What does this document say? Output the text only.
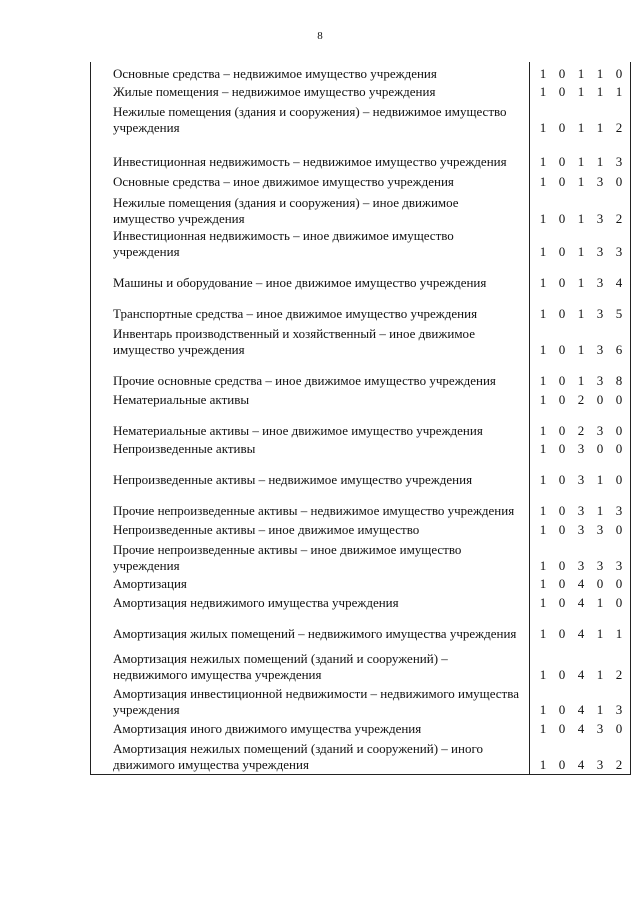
8
Основные средства – недвижимое имущество учреждения	1 0 1 1 0

Жилые помещения – недвижимое имущество учреждения	1 0 1 1 1

Нежилые помещения (здания и сооружения) – недвижимое имущество учреждения	1 0 1 1 2

Инвестиционная недвижимость – недвижимое имущество учреждения	1 0 1 1 3

Основные средства – иное движимое имущество учреждения	1 0 1 3 0

Нежилые помещения (здания и сооружения) – иное движимое имущество учреждения	1 0 1 3 2

Инвестиционная недвижимость – иное движимое имущество учреждения	1 0 1 3 3

Машины и оборудование – иное движимое имущество учреждения	1 0 1 3 4

Транспортные средства – иное движимое имущество учреждения	1 0 1 3 5

Инвентарь производственный и хозяйственный – иное движимое имущество учреждения	1 0 1 3 6

Прочие основные средства – иное движимое имущество учреждения	1 0 1 3 8

Нематериальные активы	1 0 2 0 0

Нематериальные активы – иное движимое имущество учреждения	1 0 2 3 0

Непроизведенные активы	1 0 3 0 0

Непроизведенные активы – недвижимое имущество учреждения	1 0 3 1 0

Прочие непроизведенные активы – недвижимое имущество учреждения	1 0 3 1 3

Непроизведенные активы – иное движимое имущество	1 0 3 3 0

Прочие непроизведенные активы – иное движимое имущество учреждения	1 0 3 3 3

Амортизация	1 0 4 0 0

Амортизация недвижимого имущества учреждения	1 0 4 1 0

Амортизация жилых помещений – недвижимого имущества учреждения	1 0 4 1 1

Амортизация нежилых помещений (зданий и сооружений) – недвижимого имущества учреждения	1 0 4 1 2

Амортизация инвестиционной недвижимости – недвижимого имущества учреждения	1 0 4 1 3

Амортизация иного движимого имущества учреждения	1 0 4 3 0

Амортизация нежилых помещений (зданий и сооружений) – иного движимого имущества учреждения	1 0 4 3 2
